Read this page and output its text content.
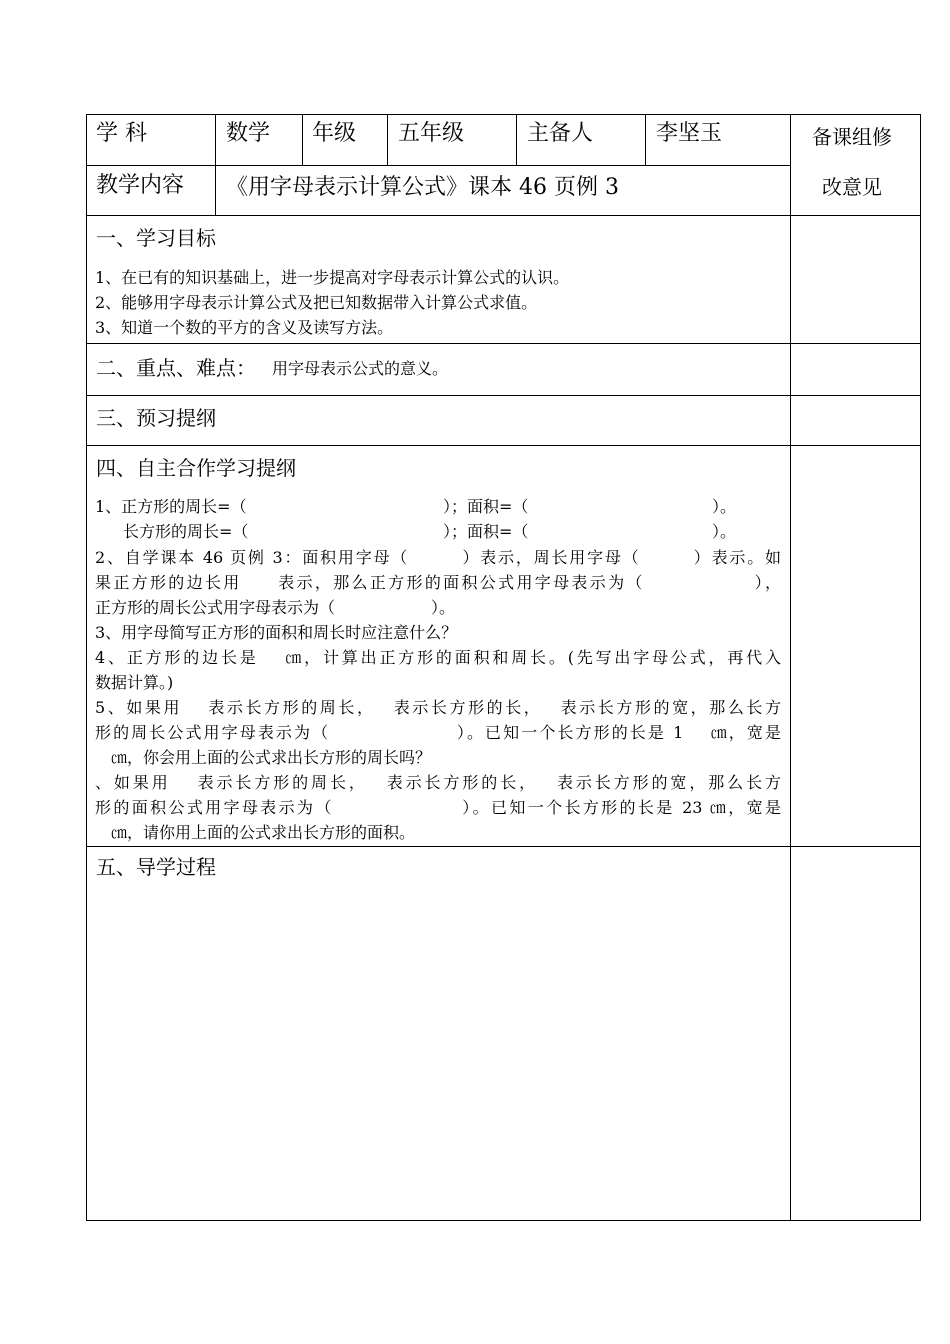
学 科	数学 年级 五年级	主备人	李坚玉	备课组修
改意见
教学内容 《用字母表示计算公式》课本 46 页例 3
一、学习目标
1、在已有的知识基础上，进一步提高对字母表示计算公式的认识。
2、能够用字母表示计算公式及把已知数据带入计算公式求值。
3、知道一个数的平方的含义及读写方法。
二、重点、难点： 用字母表示公式的意义。
三、预习提纲
四、自主合作学习提纲
1、正方形的周长=（	）；面积=（	）。
长方形的周长=（	）；面积=（	）。
2、自学课本 46 页例 3：面积用字母（　　　）表示，周长用字母（　　　）表示。如
果正方形的边长用　　表示，那么正方形的面积公式用字母表示为（　　　　　　），
正方形的周长公式用字母表示为（　　　　　　）。
3、用字母简写正方形的面积和周长时应注意什么？
4、正方形的边长是　 ㎝，计算出正方形的面积和周长。(先写出字母公式，再代入
数据计算。)
5、如果用　 表示长方形的周长，　 表示长方形的长，　 表示长方形的宽，那么长方
形的周长公式用字母表示为（　　　　　　　）。已知一个长方形的长是 1　 ㎝，宽是
　㎝，你会用上面的公式求出长方形的周长吗？
、如果用　 表示长方形的周长，　 表示长方形的长，　 表示长方形的宽，那么长方
形的面积公式用字母表示为（　　　　　　　）。已知一个长方形的长是 23 ㎝，宽是
　㎝，请你用上面的公式求出长方形的面积。
五、导学过程
